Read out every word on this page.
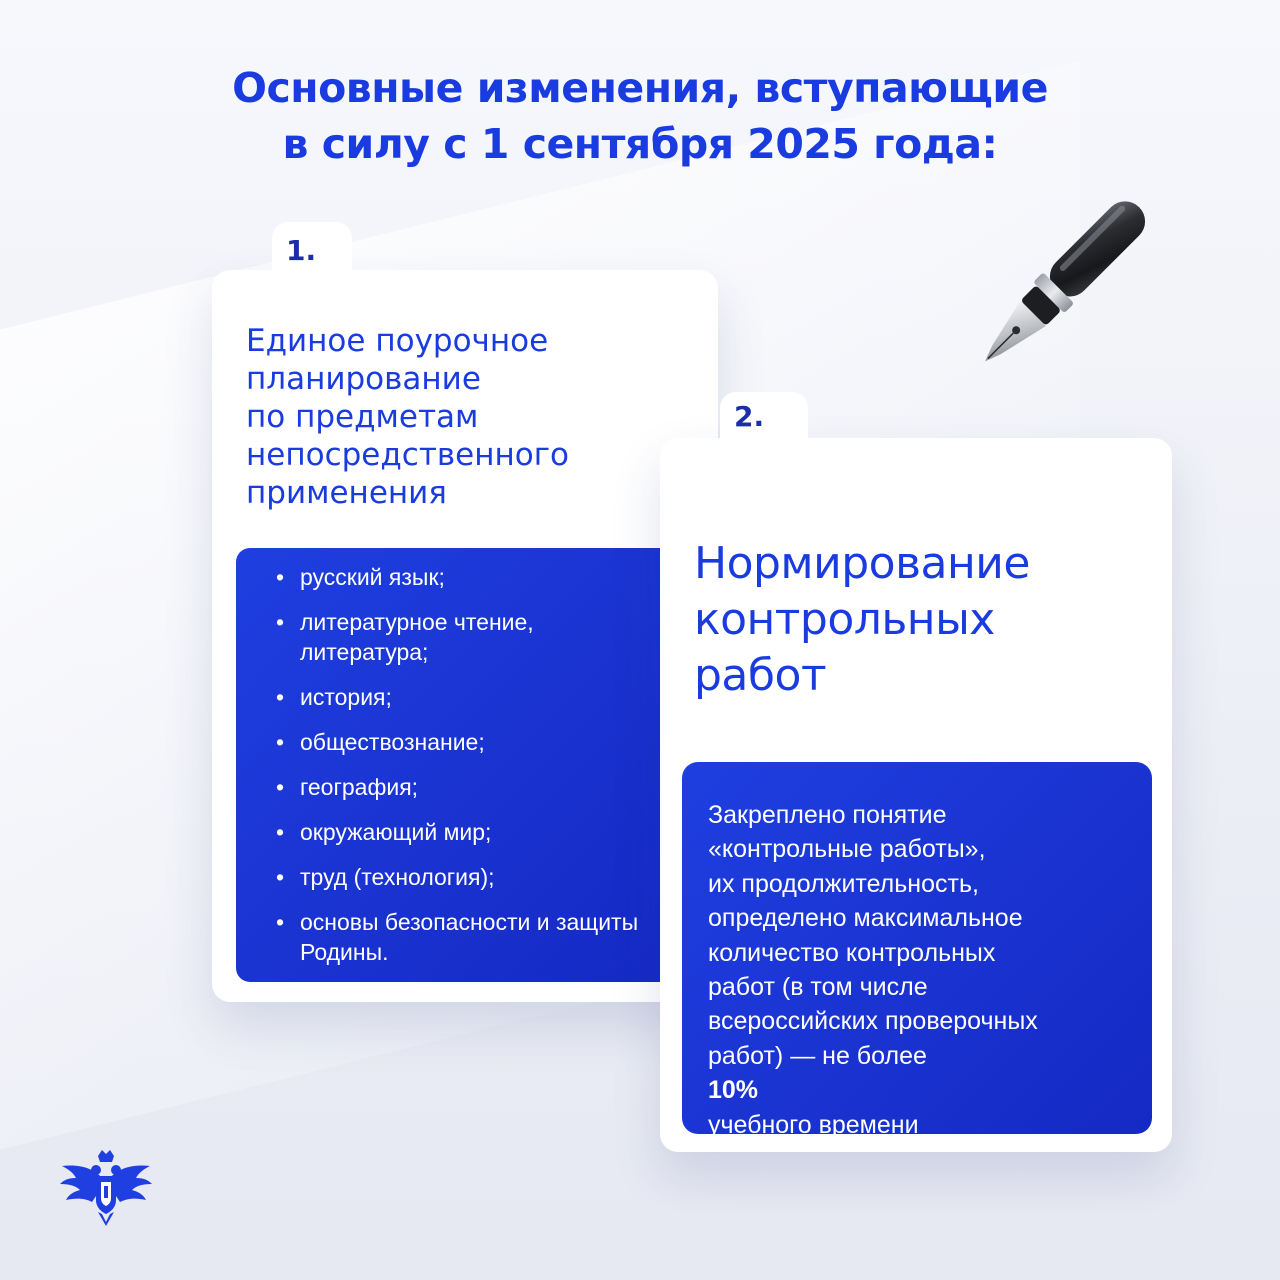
Основные изменения, вступающие
в силу с 1 сентября 2025 года:
1.
Единое поурочное
планирование
по предметам
непосредственного
применения
• русский язык;
• литературное чтение, литература;
• история;
• обществознание;
• география;
• окружающий мир;
• труд (технология);
• основы безопасности и защиты Родины.
2.
Нормирование
контрольных
работ
Закреплено понятие
«контрольные работы»,
их продолжительность,
определено максимальное
количество контрольных
работ (в том числе
всероссийских проверочных
работ) — не более
10%
учебного времени
